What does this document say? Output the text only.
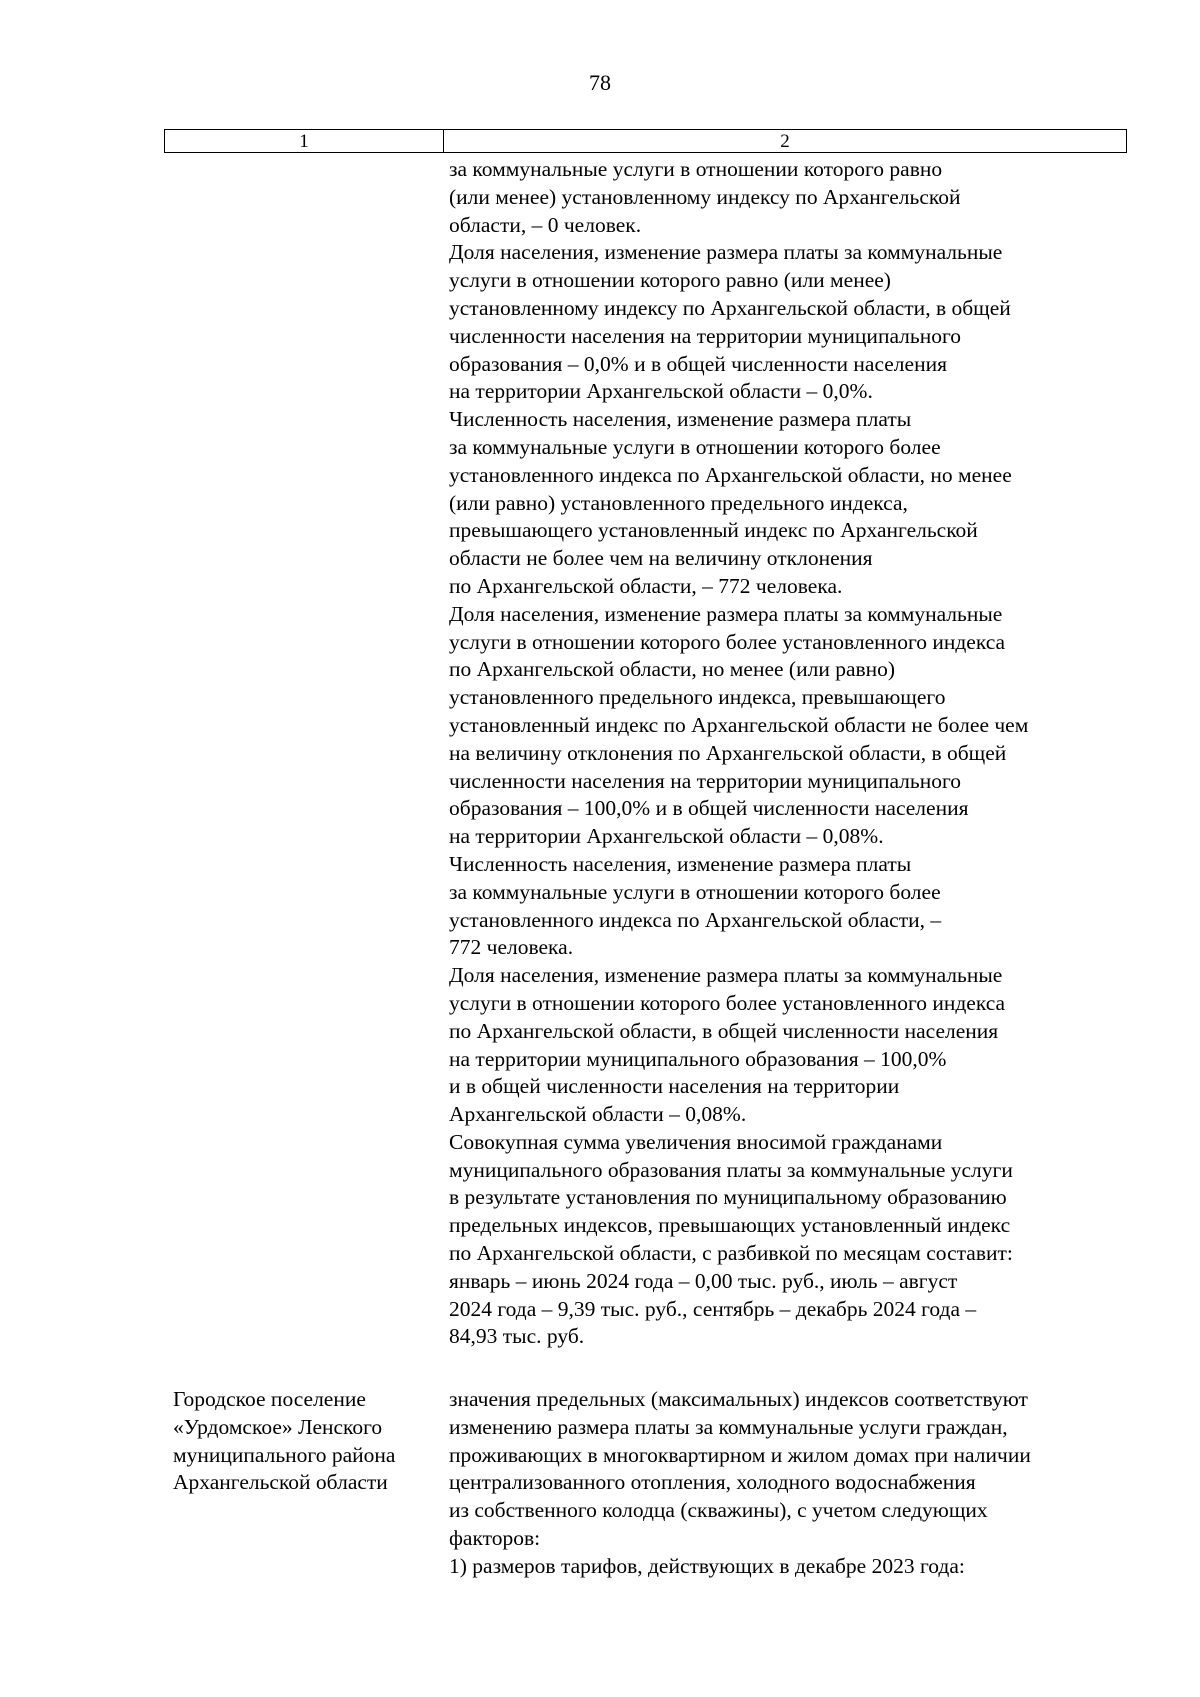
78
1	2
за коммунальные услуги в отношении которого равно
(или менее) установленному индексу по Архангельской
области, – 0 человек.
Доля населения, изменение размера платы за коммунальные
услуги в отношении которого равно (или менее)
установленному индексу по Архангельской области, в общей
численности населения на территории муниципального
образования – 0,0% и в общей численности населения
на территории Архангельской области – 0,0%.
Численность населения, изменение размера платы
за коммунальные услуги в отношении которого более
установленного индекса по Архангельской области, но менее
(или равно) установленного предельного индекса,
превышающего установленный индекс по Архангельской
области не более чем на величину отклонения
по Архангельской области, – 772 человека.
Доля населения, изменение размера платы за коммунальные
услуги в отношении которого более установленного индекса
по Архангельской области, но менее (или равно)
установленного предельного индекса, превышающего
установленный индекс по Архангельской области не более чем
на величину отклонения по Архангельской области, в общей
численности населения на территории муниципального
образования – 100,0% и в общей численности населения
на территории Архангельской области – 0,08%.
Численность населения, изменение размера платы
за коммунальные услуги в отношении которого более
установленного индекса по Архангельской области, –
772 человека.
Доля населения, изменение размера платы за коммунальные
услуги в отношении которого более установленного индекса
по Архангельской области, в общей численности населения
на территории муниципального образования – 100,0%
и в общей численности населения на территории
Архангельской области – 0,08%.
Совокупная сумма увеличения вносимой гражданами
муниципального образования платы за коммунальные услуги
в результате установления по муниципальному образованию
предельных индексов, превышающих установленный индекс
по Архангельской области, с разбивкой по месяцам составит:
январь – июнь 2024 года – 0,00 тыс. руб., июль – август
2024 года – 9,39 тыс. руб., сентябрь – декабрь 2024 года –
84,93 тыс. руб.
Городское поселение
«Урдомское» Ленского
муниципального района
Архангельской области
значения предельных (максимальных) индексов соответствуют
изменению размера платы за коммунальные услуги граждан,
проживающих в многоквартирном и жилом домах при наличии
централизованного отопления, холодного водоснабжения
из собственного колодца (скважины), с учетом следующих
факторов:
1) размеров тарифов, действующих в декабре 2023 года:
